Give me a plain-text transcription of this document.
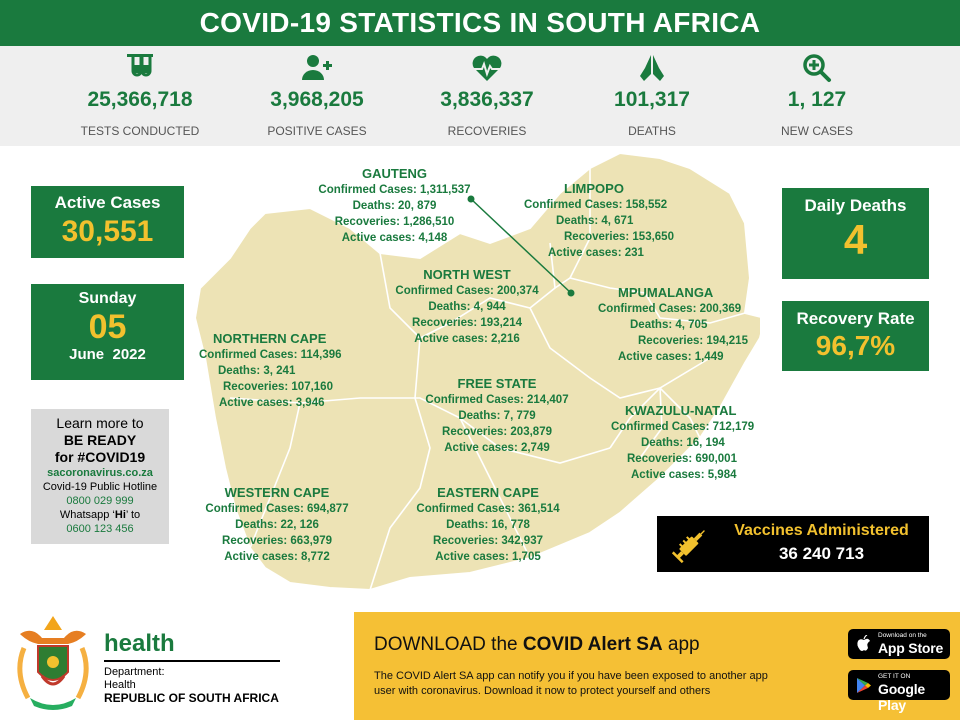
COVID-19 STATISTICS IN SOUTH AFRICA
25,366,718
TESTS CONDUCTED
3,968,205
POSITIVE CASES
3,836,337
RECOVERIES
101,317
DEATHS
1, 127
NEW CASES
GAUTENG
Confirmed Cases: 1,311,537
Deaths: 20, 879
Recoveries: 1,286,510
Active cases: 4,148
LIMPOPO
Confirmed Cases: 158,552
Deaths: 4, 671
Recoveries: 153,650
Active cases: 231
NORTH WEST
Confirmed Cases: 200,374
Deaths: 4, 944
Recoveries: 193,214
Active cases: 2,216
MPUMALANGA
Confirmed Cases: 200,369
Deaths: 4, 705
Recoveries: 194,215
Active cases: 1,449
NORTHERN CAPE
Confirmed Cases: 114,396
Deaths: 3, 241
Recoveries: 107,160
Active cases: 3,946
FREE STATE
Confirmed Cases: 214,407
Deaths: 7, 779
Recoveries: 203,879
Active cases: 2,749
KWAZULU-NATAL
Confirmed Cases: 712,179
Deaths: 16, 194
Recoveries: 690,001
Active cases: 5,984
WESTERN CAPE
Confirmed Cases: 694,877
Deaths: 22, 126
Recoveries: 663,979
Active cases: 8,772
EASTERN CAPE
Confirmed Cases: 361,514
Deaths: 16, 778
Recoveries: 342,937
Active cases: 1,705
Active Cases
30,551
Sunday
05
June  2022
Learn more to
BE READY
for #COVID19
sacoronavirus.co.za
Covid-19 Public Hotline
0800 029 999
Whatsapp ‘Hi’ to
0600 123 456
Daily Deaths
4
Recovery Rate
96,7%
Vaccines Administered
36 240 713
health
Department:
Health
REPUBLIC OF SOUTH AFRICA
DOWNLOAD the COVID Alert SA app
The COVID Alert SA app can notify you if you have been exposed to another app
user with coronavirus. Download it now to protect yourself and others
Download on the
App Store
GET IT ON
Google Play
